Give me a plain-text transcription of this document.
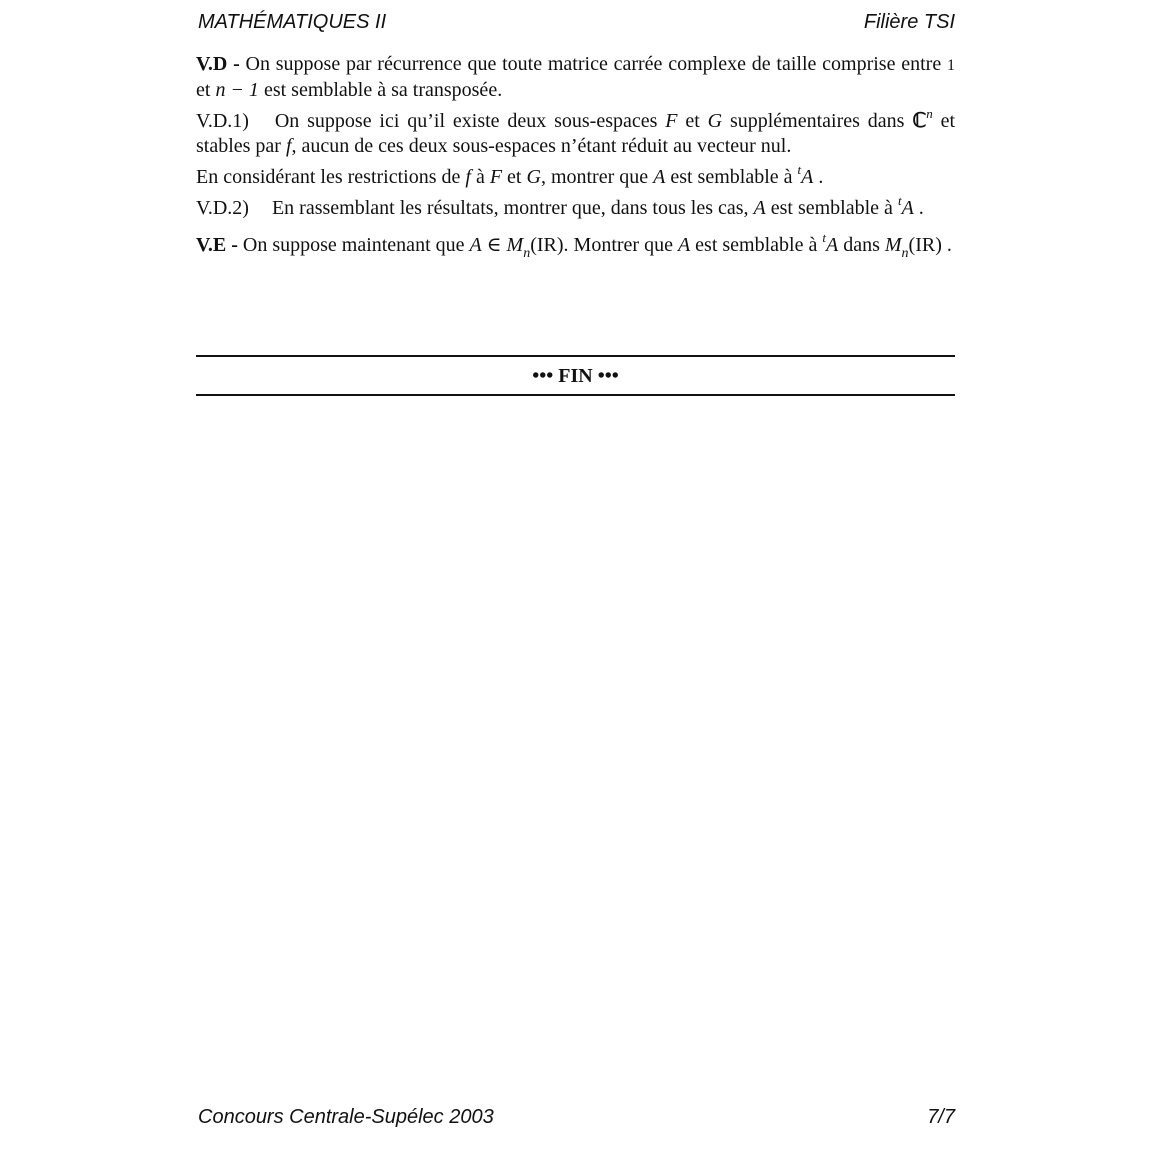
MATHÉMATIQUES II	Filière TSI

V.D - On suppose par récurrence que toute matrice carrée complexe de taille comprise entre 1 et n − 1 est semblable à sa transposée.

V.D.1) On suppose ici qu’il existe deux sous-espaces F et G supplémentaires dans ℂ$^n$ et stables par f, aucun de ces deux sous-espaces n’étant réduit au vecteur nul.

En considérant les restrictions de f à F et G, montrer que A est semblable à $^t$A .

V.D.2) En rassemblant les résultats, montrer que, dans tous les cas, A est semblable à $^t$A .

V.E - On suppose maintenant que A ∈ $M_n(IR)$. Montrer que A est semblable à $^t$A dans $M_n(IR)$ .

••• FIN •••
Concours Centrale-Supélec 2003	7/7
